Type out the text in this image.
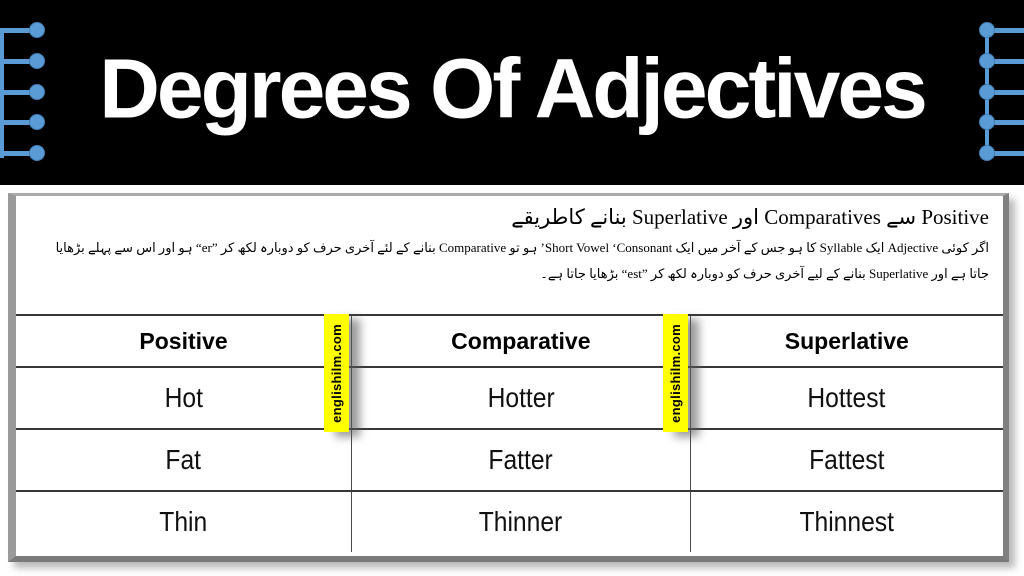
Degrees Of Adjectives

Positive سے Comparatives اور Superlative بنانے کاطریقے

اگر کوئی Adjective ایک Syllable کا ہو جس کے آخر میں ایک Short Vowel ‘Consonant’ ہو تو Comparative بنانے کے لئے آخری حرف کو دوبارہ لکھ کر ”er“ ہو اور اس سے پہلے بڑھایا

جاتا ہے اور Superlative بنانے کے لیے آخری حرف کو دوبارہ لکھ کر ”est“ بڑھایا جاتا ہے۔

Positive	Comparative	Superlative
Hot	Hotter	Hottest
Fat	Fatter	Fattest
Thin	Thinner	Thinnest
englishilm.com	englishilm.com
